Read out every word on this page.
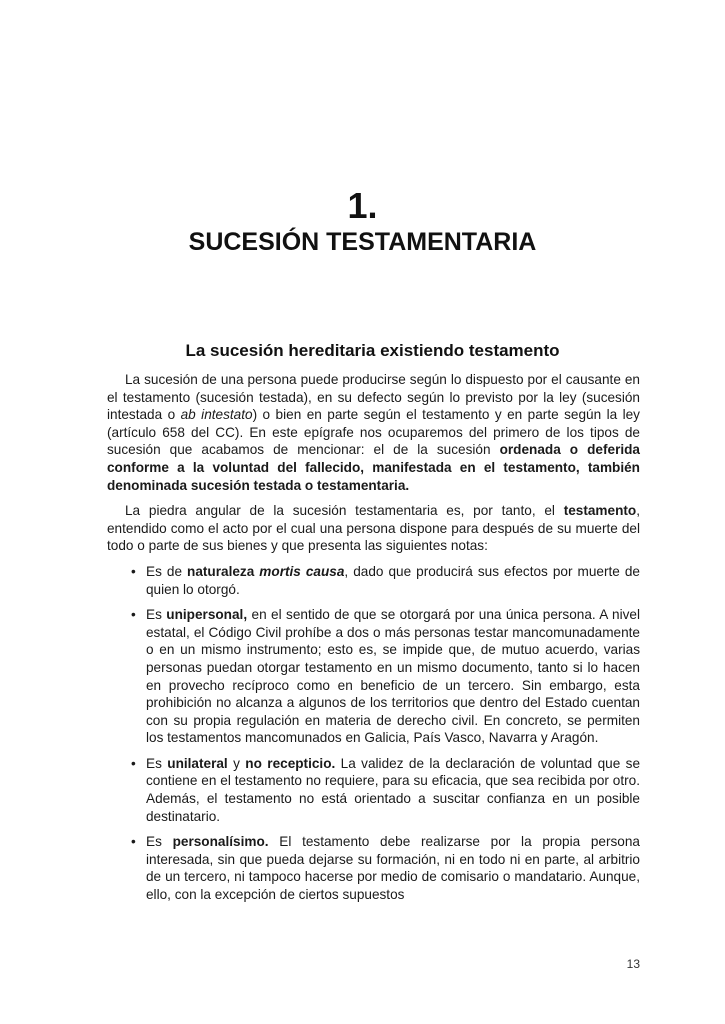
1.
SUCESIÓN TESTAMENTARIA
La sucesión hereditaria existiendo testamento

La sucesión de una persona puede producirse según lo dispuesto por el causante en el testamento (sucesión testada), en su defecto según lo previsto por la ley (sucesión intestada o ab intestato) o bien en parte según el testamento y en parte según la ley (artículo 658 del CC). En este epígrafe nos ocuparemos del primero de los tipos de sucesión que acabamos de mencionar: el de la sucesión ordenada o deferida conforme a la voluntad del fallecido, manifestada en el testamento, también denominada sucesión testada o testamentaria.

La piedra angular de la sucesión testamentaria es, por tanto, el testamento, entendido como el acto por el cual una persona dispone para después de su muerte del todo o parte de sus bienes y que presenta las siguientes notas:

• Es de naturaleza mortis causa, dado que producirá sus efectos por muerte de quien lo otorgó.
• Es unipersonal, en el sentido de que se otorgará por una única persona. A nivel estatal, el Código Civil prohíbe a dos o más personas testar mancomunadamente o en un mismo instrumento; esto es, se impide que, de mutuo acuerdo, varias personas puedan otorgar testamento en un mismo documento, tanto si lo hacen en provecho recíproco como en beneficio de un tercero. Sin embargo, esta prohibición no alcanza a algunos de los territorios que dentro del Estado cuentan con su propia regulación en materia de derecho civil. En concreto, se permiten los testamentos mancomunados en Galicia, País Vasco, Navarra y Aragón.
• Es unilateral y no recepticio. La validez de la declaración de voluntad que se contiene en el testamento no requiere, para su eficacia, que sea recibida por otro. Además, el testamento no está orientado a suscitar confianza en un posible destinatario.
• Es personalísimo. El testamento debe realizarse por la propia persona interesada, sin que pueda dejarse su formación, ni en todo ni en parte, al arbitrio de un tercero, ni tampoco hacerse por medio de comisario o mandatario. Aunque, ello, con la excepción de ciertos supuestos
13
